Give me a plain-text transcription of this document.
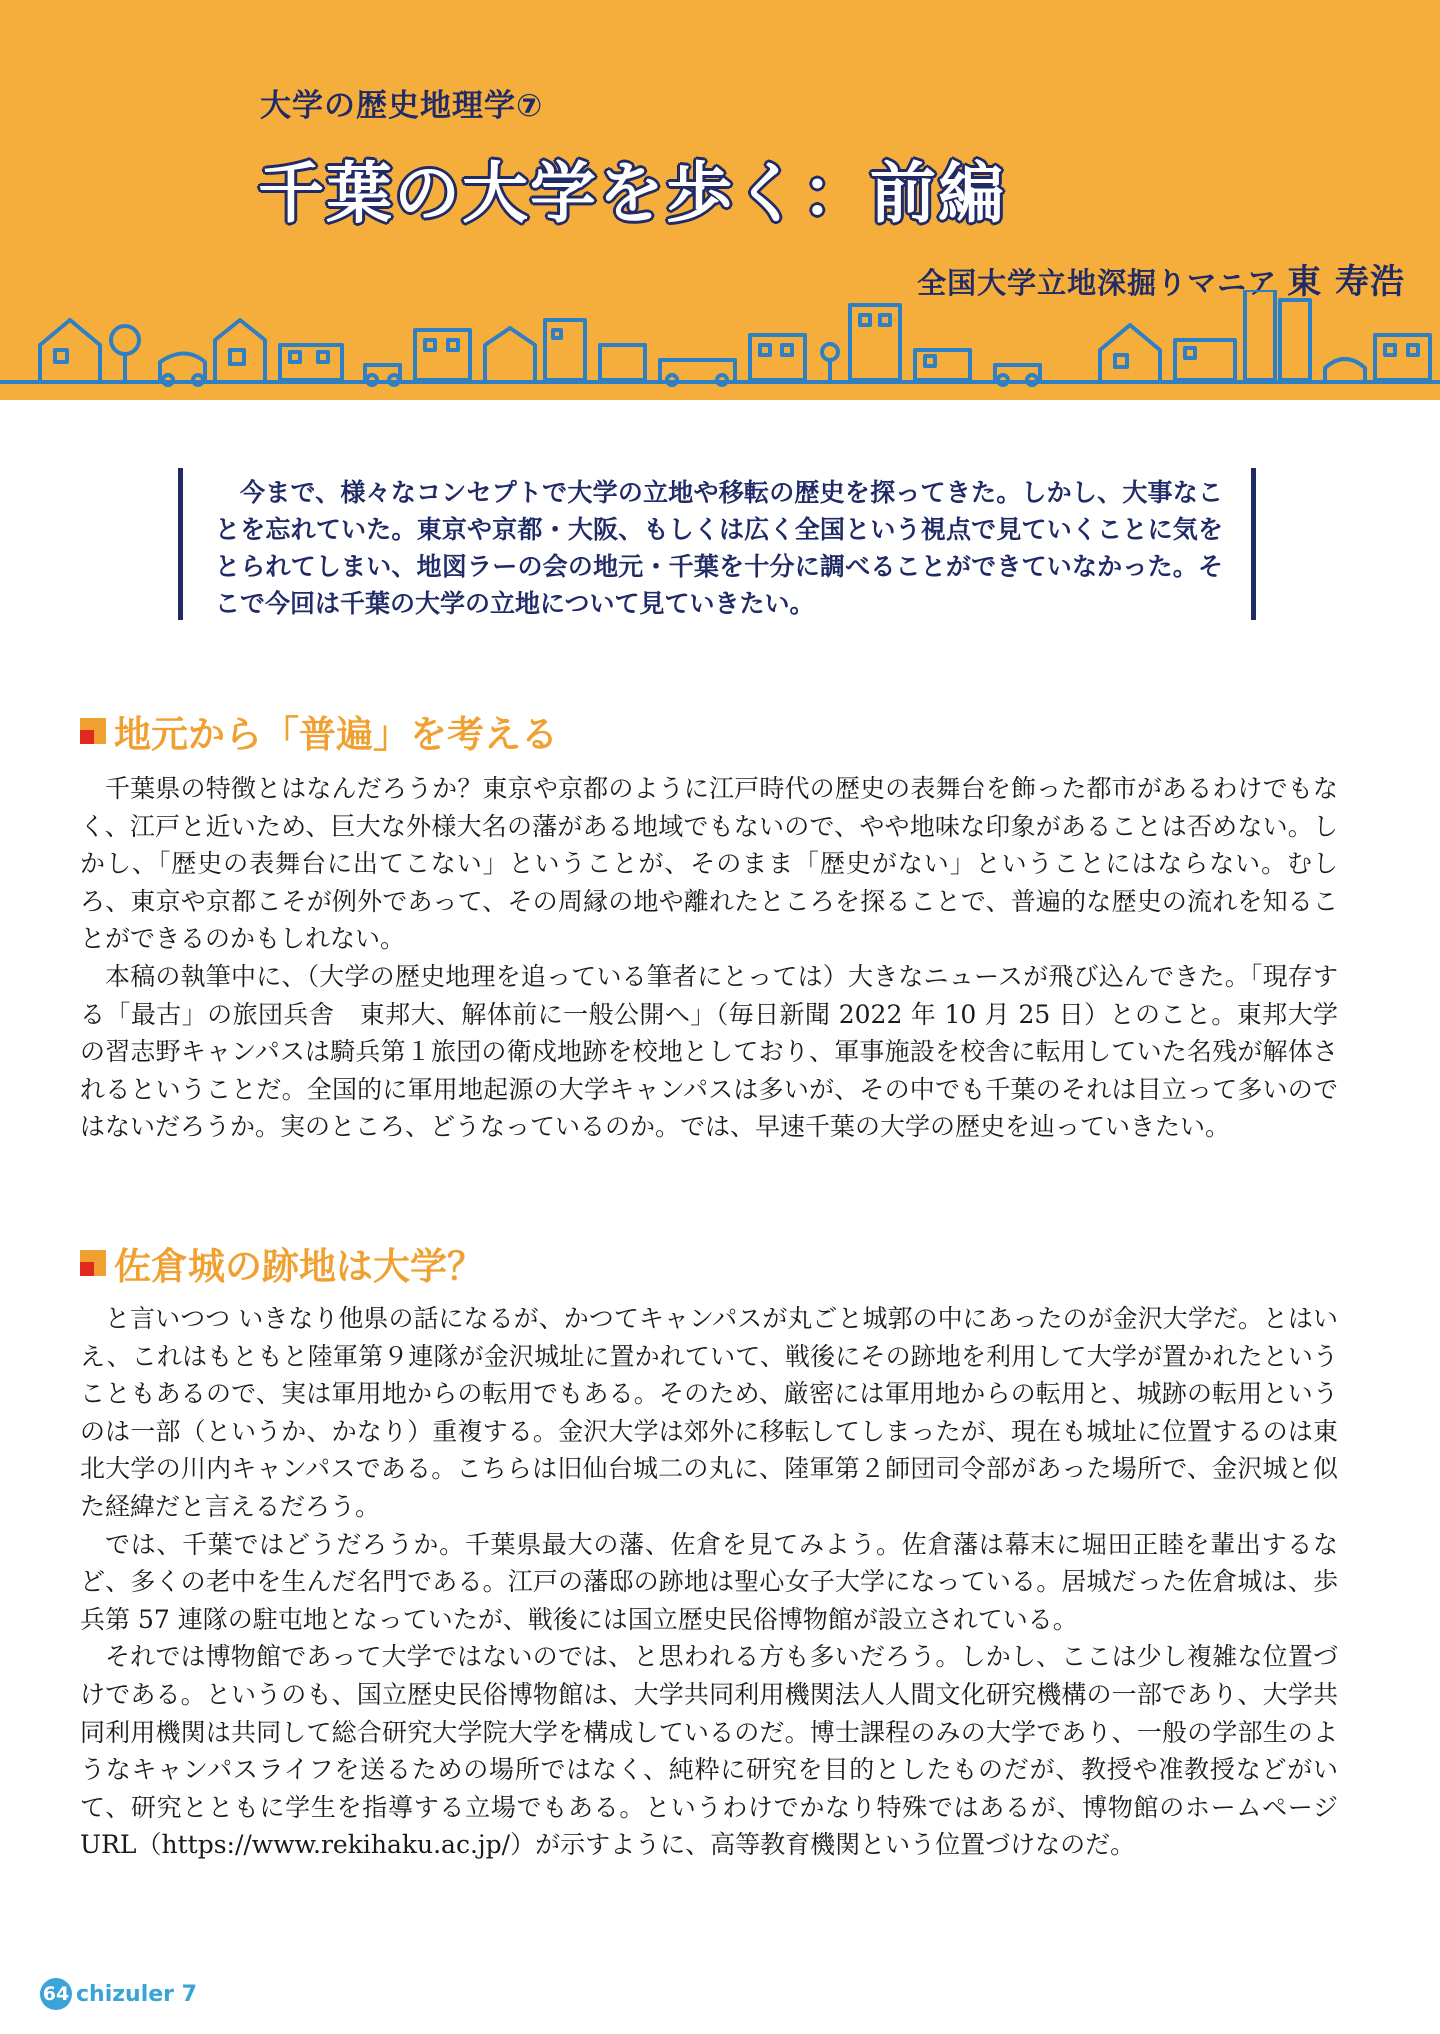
大学の歴史地理学⑦
千葉の大学を歩く：前編
全国大学立地深掘りマニア 東 寿浩

今まで、様々なコンセプトで大学の立地や移転の歴史を探ってきた。しかし、大事なことを忘れていた。東京や京都・大阪、もしくは広く全国という視点で見ていくことに気をとられてしまい、地図ラーの会の地元・千葉を十分に調べることができていなかった。そこで今回は千葉の大学の立地について見ていきたい。

地元から「普遍」を考える

千葉県の特徴とはなんだろうか？東京や京都のように江戸時代の歴史の表舞台を飾った都市があるわけでもなく、江戸と近いため、巨大な外様大名の藩がある地域でもないので、やや地味な印象があることは否めない。しかし、「歴史の表舞台に出てこない」ということが、そのまま「歴史がない」ということにはならない。むしろ、東京や京都こそが例外であって、その周縁の地や離れたところを探ることで、普遍的な歴史の流れを知ることができるのかもしれない。

本稿の執筆中に、（大学の歴史地理を追っている筆者にとっては）大きなニュースが飛び込んできた。「現存する「最古」の旅団兵舎　東邦大、解体前に一般公開へ」（毎日新聞 2022 年 10 月 25 日）とのこと。東邦大学の習志野キャンパスは騎兵第１旅団の衛戍地跡を校地としており、軍事施設を校舎に転用していた名残が解体されるということだ。全国的に軍用地起源の大学キャンパスは多いが、その中でも千葉のそれは目立って多いのではないだろうか。実のところ、どうなっているのか。では、早速千葉の大学の歴史を辿っていきたい。

佐倉城の跡地は大学？

と言いつつ いきなり他県の話になるが、かつてキャンパスが丸ごと城郭の中にあったのが金沢大学だ。とはいえ、これはもともと陸軍第９連隊が金沢城址に置かれていて、戦後にその跡地を利用して大学が置かれたということもあるので、実は軍用地からの転用でもある。そのため、厳密には軍用地からの転用と、城跡の転用というのは一部（というか、かなり）重複する。金沢大学は郊外に移転してしまったが、現在も城址に位置するのは東北大学の川内キャンパスである。こちらは旧仙台城二の丸に、陸軍第２師団司令部があった場所で、金沢城と似た経緯だと言えるだろう。

では、千葉ではどうだろうか。千葉県最大の藩、佐倉を見てみよう。佐倉藩は幕末に堀田正睦を輩出するなど、多くの老中を生んだ名門である。江戸の藩邸の跡地は聖心女子大学になっている。居城だった佐倉城は、歩兵第 57 連隊の駐屯地となっていたが、戦後には国立歴史民俗博物館が設立されている。

それでは博物館であって大学ではないのでは、と思われる方も多いだろう。しかし、ここは少し複雑な位置づけである。というのも、国立歴史民俗博物館は、大学共同利用機関法人人間文化研究機構の一部であり、大学共同利用機関は共同して総合研究大学院大学を構成しているのだ。博士課程のみの大学であり、一般の学部生のようなキャンパスライフを送るための場所ではなく、純粋に研究を目的としたものだが、教授や准教授などがいて、研究とともに学生を指導する立場でもある。というわけでかなり特殊ではあるが、博物館のホームページ URL（https://www.rekihaku.ac.jp/）が示すように、高等教育機関という位置づけなのだ。

64 chizuler 7
